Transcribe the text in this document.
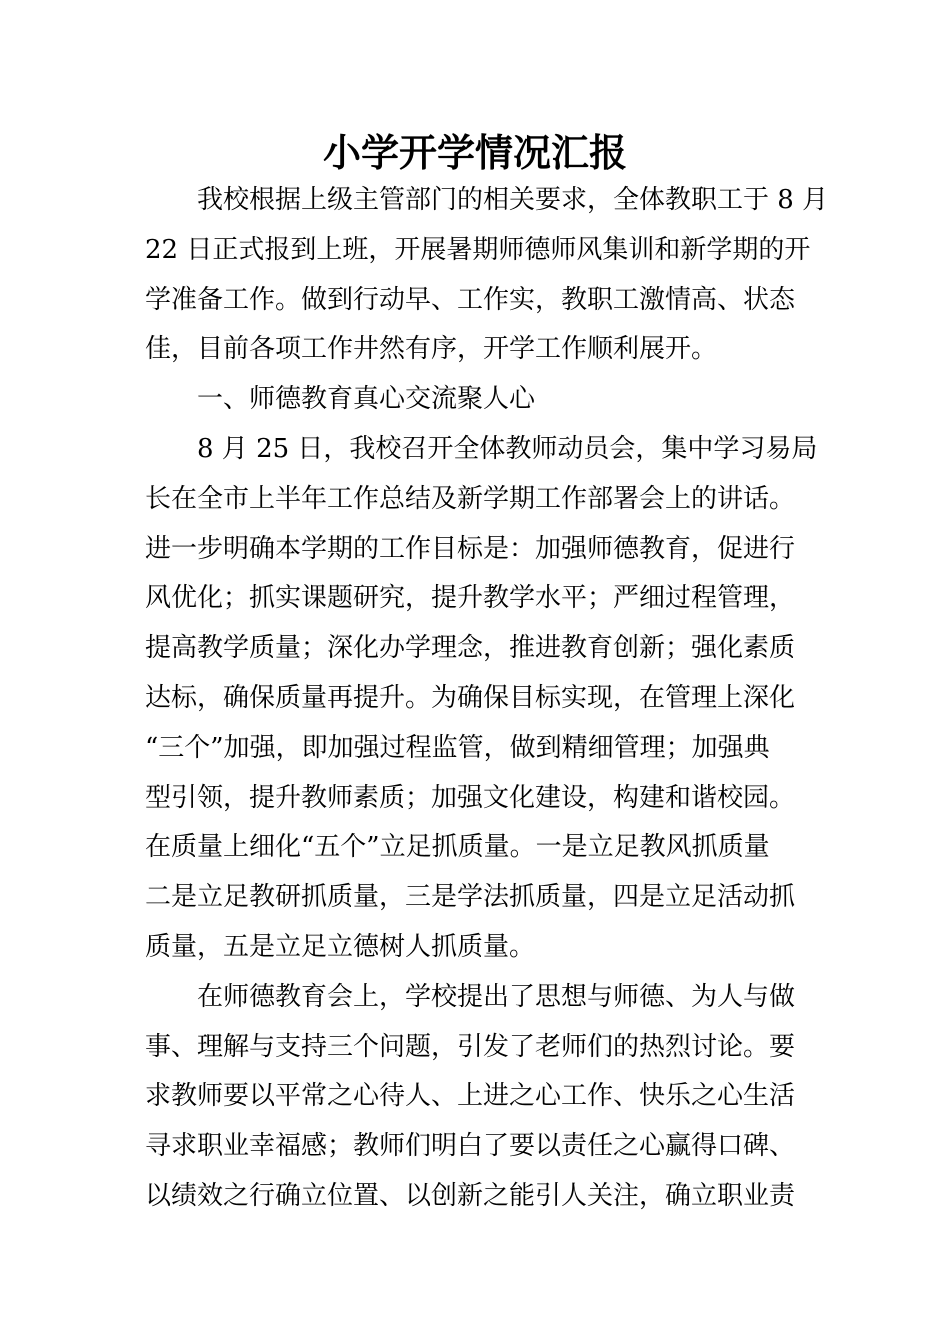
小学开学情况汇报
我校根据上级主管部门的相关要求，全体教职工于 8 月
22 日正式报到上班，开展暑期师德师风集训和新学期的开
学准备工作。做到行动早、工作实，教职工激情高、状态
佳，目前各项工作井然有序，开学工作顺利展开。
一、师德教育真心交流聚人心
8 月 25 日，我校召开全体教师动员会，集中学习易局
长在全市上半年工作总结及新学期工作部署会上的讲话。
进一步明确本学期的工作目标是：加强师德教育，促进行
风优化；抓实课题研究，提升教学水平；严细过程管理，
提高教学质量；深化办学理念，推进教育创新；强化素质
达标，确保质量再提升。为确保目标实现，在管理上深化
“三个”加强，即加强过程监管，做到精细管理；加强典
型引领，提升教师素质；加强文化建设，构建和谐校园。
在质量上细化“五个”立足抓质量。一是立足教风抓质量
二是立足教研抓质量，三是学法抓质量，四是立足活动抓
质量，五是立足立德树人抓质量。
在师德教育会上，学校提出了思想与师德、为人与做
事、理解与支持三个问题，引发了老师们的热烈讨论。要
求教师要以平常之心待人、上进之心工作、快乐之心生活
寻求职业幸福感；教师们明白了要以责任之心赢得口碑、
以绩效之行确立位置、以创新之能引人关注，确立职业责
